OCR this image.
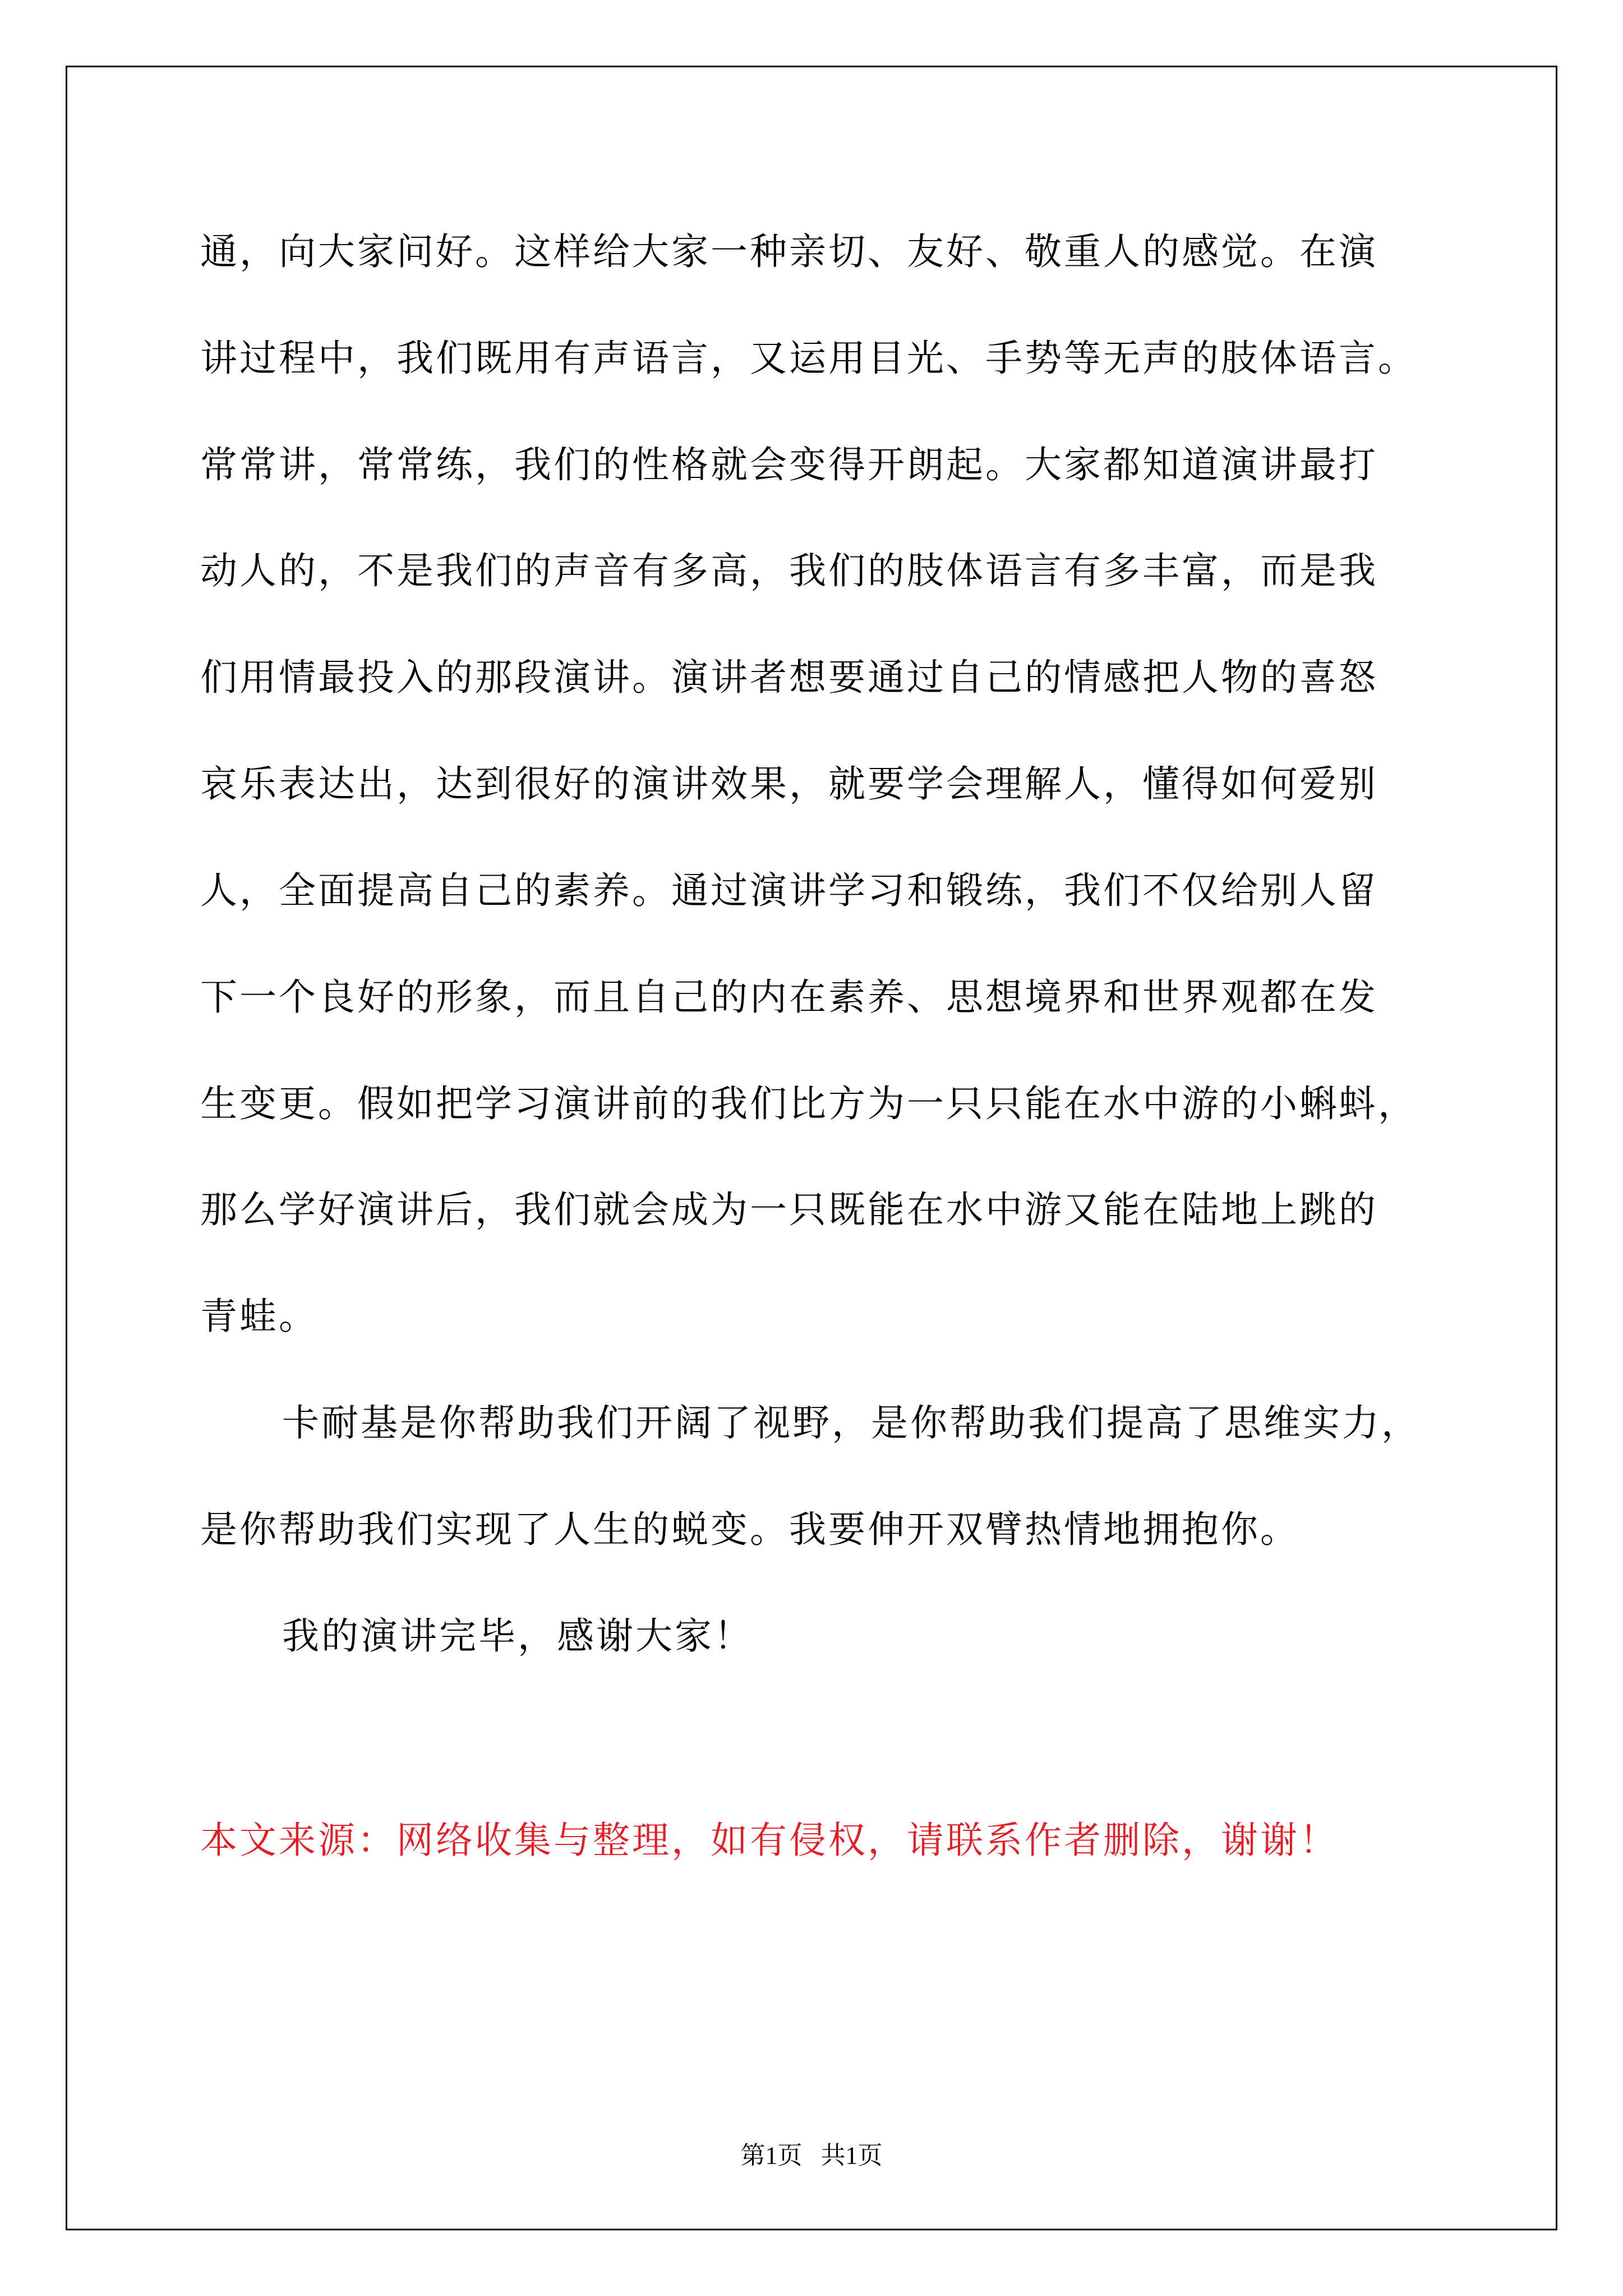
通，向大家问好。这样给大家一种亲切、友好、敬重人的感觉。在演
讲过程中，我们既用有声语言，又运用目光、手势等无声的肢体语言。
常常讲，常常练，我们的性格就会变得开朗起。大家都知道演讲最打
动人的，不是我们的声音有多高，我们的肢体语言有多丰富，而是我
们用情最投入的那段演讲。演讲者想要通过自己的情感把人物的喜怒
哀乐表达出，达到很好的演讲效果，就要学会理解人，懂得如何爱别
人，全面提高自己的素养。通过演讲学习和锻练，我们不仅给别人留
下一个良好的形象，而且自己的内在素养、思想境界和世界观都在发
生变更。假如把学习演讲前的我们比方为一只只能在水中游的小蝌蚪，
那么学好演讲后，我们就会成为一只既能在水中游又能在陆地上跳的
青蛙。
卡耐基是你帮助我们开阔了视野，是你帮助我们提高了思维实力，
是你帮助我们实现了人生的蜕变。我要伸开双臂热情地拥抱你。
我的演讲完毕，感谢大家！
本文来源：网络收集与整理，如有侵权，请联系作者删除，谢谢！
第1页   共1页
